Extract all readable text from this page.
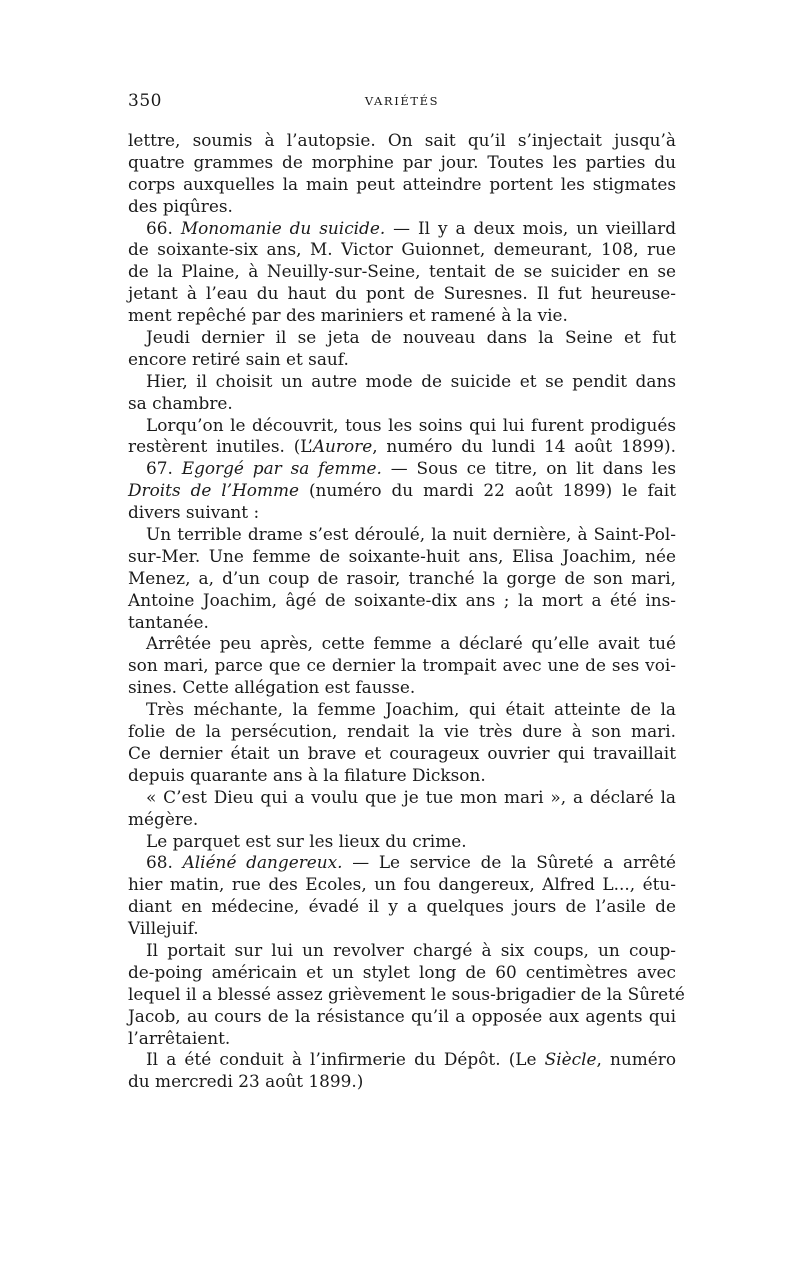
350	VARIÉTÉS
lettre, soumis à l’autopsie. On sait qu’il s’injectait jusqu’à
quatre grammes de morphine par jour. Toutes les parties du
corps auxquelles la main peut atteindre portent les stigmates
des piqûres.
66. Monomanie du suicide. — Il y a deux mois, un vieillard
de soixante-six ans, M. Victor Guionnet, demeurant, 108, rue
de la Plaine, à Neuilly-sur-Seine, tentait de se suicider en se
jetant à l’eau du haut du pont de Suresnes. Il fut heureuse-
ment repêché par des mariniers et ramené à la vie.
Jeudi dernier il se jeta de nouveau dans la Seine et fut
encore retiré sain et sauf.
Hier, il choisit un autre mode de suicide et se pendit dans
sa chambre.
Lorqu’on le découvrit, tous les soins qui lui furent prodigués
restèrent inutiles. (L’Aurore, numéro du lundi 14 août 1899).
67. Egorgé par sa femme. — Sous ce titre, on lit dans les
Droits de l’Homme (numéro du mardi 22 août 1899) le fait
divers suivant :
Un terrible drame s’est déroulé, la nuit dernière, à Saint-Pol-
sur-Mer. Une femme de soixante-huit ans, Elisa Joachim, née
Menez, a, d’un coup de rasoir, tranché la gorge de son mari,
Antoine Joachim, âgé de soixante-dix ans ; la mort a été ins-
tantanée.
Arrêtée peu après, cette femme a déclaré qu’elle avait tué
son mari, parce que ce dernier la trompait avec une de ses voi-
sines. Cette allégation est fausse.
Très méchante, la femme Joachim, qui était atteinte de la
folie de la persécution, rendait la vie très dure à son mari.
Ce dernier était un brave et courageux ouvrier qui travaillait
depuis quarante ans à la filature Dickson.
« C’est Dieu qui a voulu que je tue mon mari », a déclaré la
mégère.
Le parquet est sur les lieux du crime.
68. Aliéné dangereux. — Le service de la Sûreté a arrêté
hier matin, rue des Ecoles, un fou dangereux, Alfred L..., étu-
diant en médecine, évadé il y a quelques jours de l’asile de
Villejuif.
Il portait sur lui un revolver chargé à six coups, un coup-
de-poing américain et un stylet long de 60 centimètres avec
lequel il a blessé assez grièvement le sous-brigadier de la Sûreté
Jacob, au cours de la résistance qu’il a opposée aux agents qui
l’arrêtaient.
Il a été conduit à l’infirmerie du Dépôt. (Le Siècle, numéro
du mercredi 23 août 1899.)
